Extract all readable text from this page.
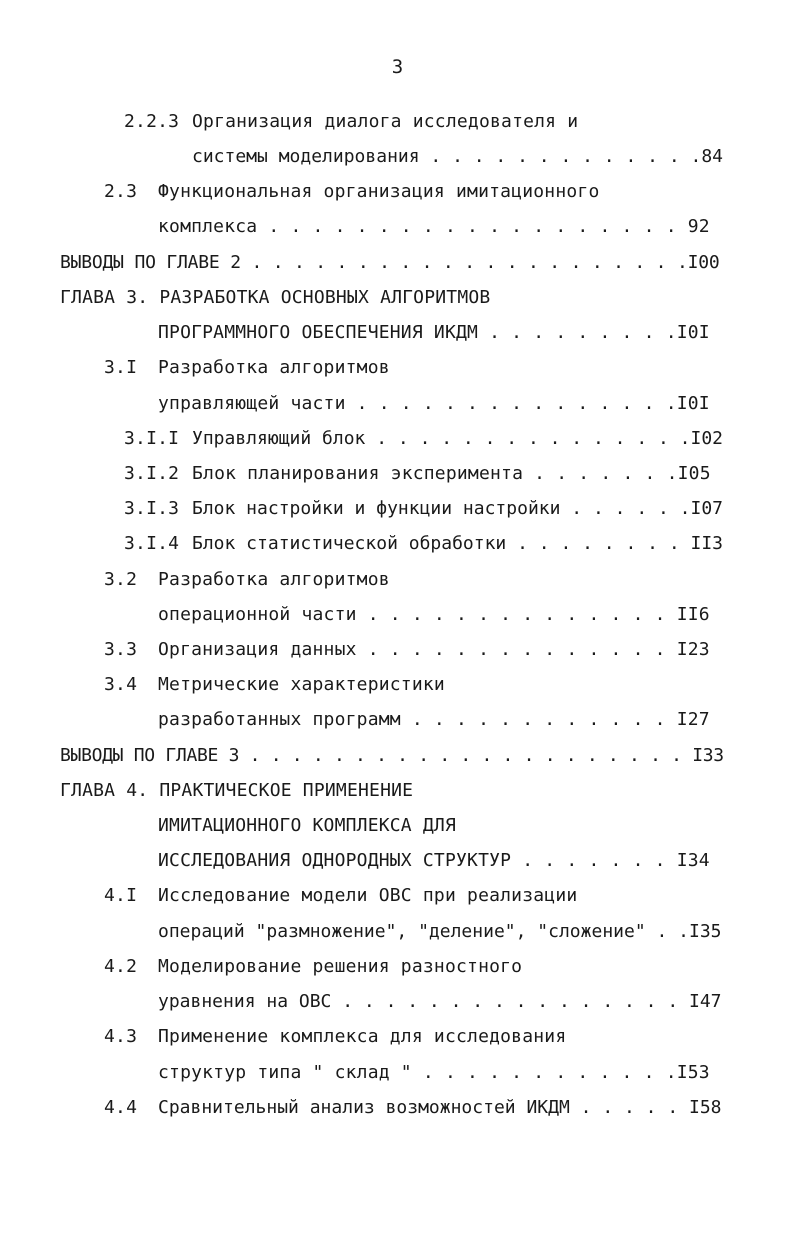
3
2.2.3 Организация диалога исследователя и
системы моделирования . . . . . . . . . . . . .84
2.3 Функциональная организация имитационного
комплекса . . . . . . . . . . . . . . . . . . . 92
ВЫВОДЫ ПО ГЛАВЕ 2 . . . . . . . . . . . . . . . . . . . . .I00
ГЛАВА 3. РАЗРАБОТКА ОСНОВНЫХ АЛГОРИТМОВ
ПРОГРАММНОГО ОБЕСПЕЧЕНИЯ ИКДМ . . . . . . . . .I0I
3.I Разработка алгоритмов
управляющей части . . . . . . . . . . . . . . .I0I
3.I.I Управляющий блок . . . . . . . . . . . . . . .I02
3.I.2 Блок планирования эксперимента . . . . . . .I05
3.I.3 Блок настройки и функции настройки . . . . . .I07
3.I.4 Блок статистической обработки . . . . . . . . II3
3.2 Разработка алгоритмов
операционной части . . . . . . . . . . . . . . II6
3.3 Организация данных . . . . . . . . . . . . . . I23
3.4 Метрические характеристики
разработанных программ . . . . . . . . . . . . I27
ВЫВОДЫ ПО ГЛАВЕ 3 . . . . . . . . . . . . . . . . . . . . . I33
ГЛАВА 4. ПРАКТИЧЕСКОЕ ПРИМЕНЕНИЕ
ИМИТАЦИОННОГО КОМПЛЕКСА ДЛЯ
ИССЛЕДОВАНИЯ ОДНОРОДНЫХ СТРУКТУР . . . . . . . I34
4.I Исследование модели ОВС при реализации
операций "размножение", "деление", "сложение" . .I35
4.2 Моделирование решения разностного
уравнения на ОВС . . . . . . . . . . . . . . . . I47
4.3 Применение комплекса для исследования
структур типа " склад " . . . . . . . . . . . .I53
4.4 Сравнительный анализ возможностей ИКДМ . . . . . I58
